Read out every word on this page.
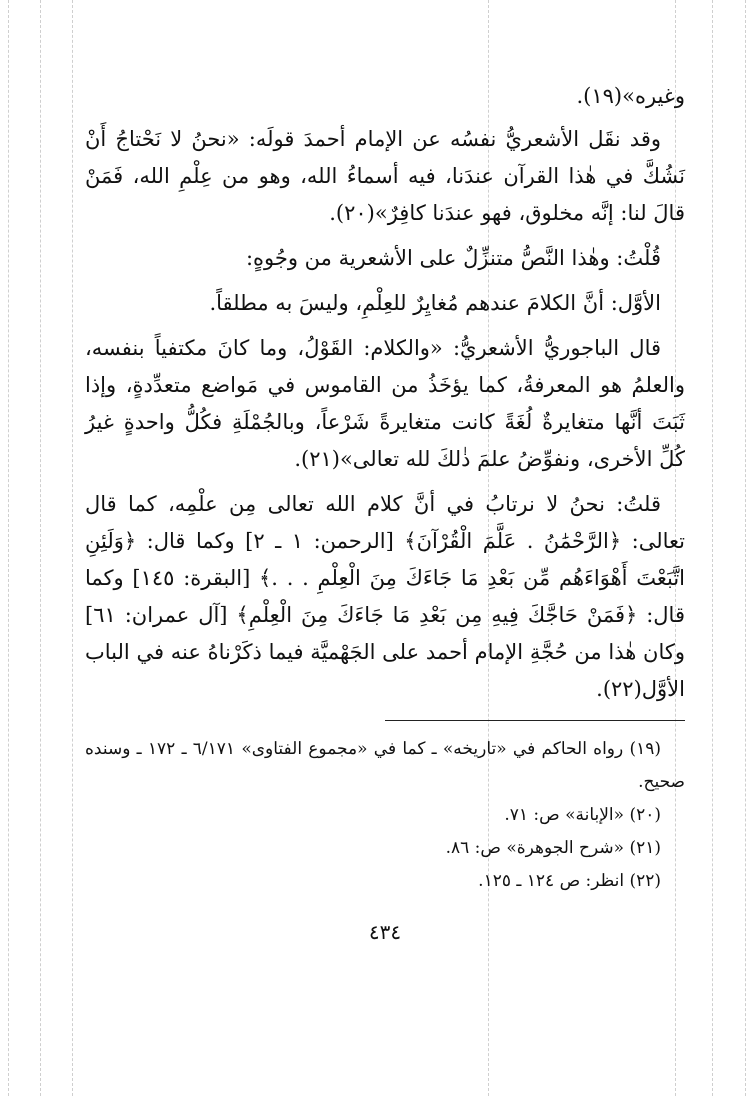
وغيره»(١٩).

وقد نقَل الأشعريُّ نفسُه عن الإمام أحمدَ قولَه: «نحنُ لا نَحْتاجُ أَنْ نَشُكَّ في هٰذا القرآن عندَنا، فيه أسماءُ الله، وهو من عِلْمِ الله، فَمَنْ قالَ لنا: إنَّه مخلوق، فهو عندَنا كافِرٌ»(٢٠).

قُلْتُ: وهٰذا النَّصُّ متنزِّلٌ على الأشعرية من وجُوهٍ:

الأوَّل: أنَّ الكلامَ عندهم مُغايِرٌ للعِلْمِ، وليسَ به مطلقاً.

قال الباجوريُّ الأشعريُّ: «والكلام: القَوْلُ، وما كانَ مكتفياً بنفسه، والعلمُ هو المعرفةُ، كما يؤخَذُ من القاموس في مَواضع متعدِّدةٍ، وإذا ثَبَتَ أنَّها متغايرةٌ لُغَةً كانت متغايرةً شَرْعاً، وبالجُمْلَةِ فكُلُّ واحدةٍ غيرُ كُلِّ الأخرى، ونفوِّضُ علمَ ذٰلكَ لله تعالى»(٢١).

قلتُ: نحنُ لا نرتابُ في أنَّ كلام الله تعالى مِن علْمِه، كما قال تعالى: ﴿الرَّحْمَٰنُ . عَلَّمَ الْقُرْآنَ﴾ [الرحمن: ١ ـ ٢] وكما قال: ﴿وَلَئِنِ اتَّبَعْتَ أَهْوَاءَهُم مِّن بَعْدِ مَا جَاءَكَ مِنَ الْعِلْمِ . . .﴾ [البقرة: ١٤٥] وكما قال: ﴿فَمَنْ حَاجَّكَ فِيهِ مِن بَعْدِ مَا جَاءَكَ مِنَ الْعِلْمِ﴾ [آل عمران: ٦١] وكان هٰذا من حُجَّةِ الإمام أحمد على الجَهْميَّة فيما ذكَرْناهُ عنه في الباب الأوَّل(٢٢).

(١٩) رواه الحاكم في «تاريخه» ـ كما في «مجموع الفتاوى» ٦/١٧١ ـ ١٧٢ ـ وسنده صحيح.

(٢٠) «الإبانة» ص: ٧١.

(٢١) «شرح الجوهرة» ص: ٨٦.

(٢٢) انظر: ص ١٢٤ ـ ١٢٥.

٤٣٤
